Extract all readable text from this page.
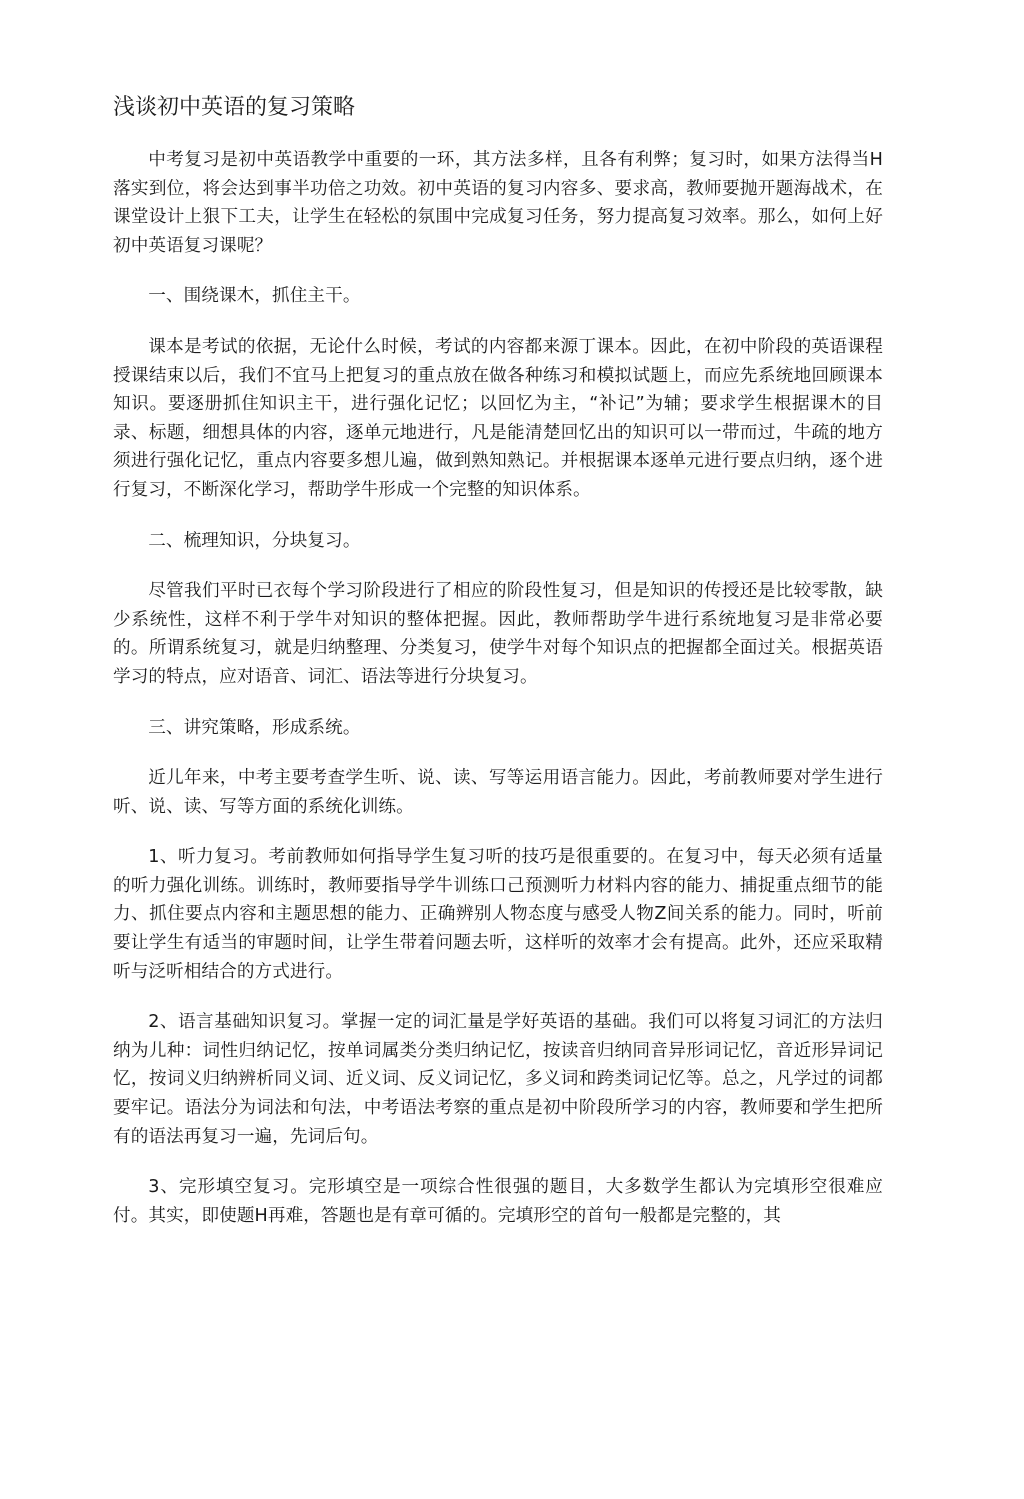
浅谈初中英语的复习策略

中考复习是初中英语教学中重要的一环，其方法多样，且各有利弊；复习时，如果方法得当H落实到位，将会达到事半功倍之功效。初中英语的复习内容多、要求高，教师要抛开题海战术，在课堂设计上狠下工夫，让学生在轻松的氛围中完成复习任务，努力提高复习效率。那么，如何上好初中英语复习课呢？

一、围绕课木，抓住主干。

课本是考试的依据，无论什么时候，考试的内容都来源丁课本。因此，在初中阶段的英语课程授课结束以后，我们不宜马上把复习的重点放在做各种练习和模拟试题上，而应先系统地回顾课本知识。要逐册抓住知识主干，进行强化记忆；以回忆为主，“补记”为辅；要求学生根据课木的目录、标题，细想具体的内容，逐单元地进行，凡是能清楚回忆出的知识可以一带而过，牛疏的地方须进行强化记忆，重点内容要多想儿遍，做到熟知熟记。并根据课本逐单元进行要点归纳，逐个进行复习，不断深化学习，帮助学牛形成一个完整的知识体系。

二、梳理知识，分块复习。

尽管我们平时已衣每个学习阶段进行了相应的阶段性复习，但是知识的传授还是比较零散，缺少系统性，这样不利于学牛对知识的整体把握。因此，教师帮助学牛进行系统地复习是非常必要的。所谓系统复习，就是归纳整理、分类复习，使学牛对每个知识点的把握都全面过关。根据英语学习的特点，应对语音、词汇、语法等进行分块复习。

三、讲究策略，形成系统。

近儿年来，中考主要考查学生听、说、读、写等运用语言能力。因此，考前教师要对学生进行听、说、读、写等方面的系统化训练。

1、听力复习。考前教师如何指导学生复习听的技巧是很重要的。在复习中，每天必须有适量的听力强化训练。训练时，教师要指导学牛训练口己预测听力材料内容的能力、捕捉重点细节的能力、抓住要点内容和主题思想的能力、正确辨别人物态度与感受人物Z间关系的能力。同时，听前要让学生有适当的审题时间，让学生带着问题去听，这样听的效率才会有提高。此外，还应采取精听与泛听相结合的方式进行。

2、语言基础知识复习。掌握一定的词汇量是学好英语的基础。我们可以将复习词汇的方法归纳为儿种：词性归纳记忆，按单词属类分类归纳记忆，按读音归纳同音异形词记忆，音近形异词记忆，按词义归纳辨析同义词、近义词、反义词记忆，多义词和跨类词记忆等。总之，凡学过的词都要牢记。语法分为词法和句法，中考语法考察的重点是初中阶段所学习的内容，教师要和学生把所有的语法再复习一遍，先词后句。

3、完形填空复习。完形填空是一项综合性很强的题目，大多数学生都认为完填形空很难应付。其实，即使题H再难，答题也是有章可循的。完填形空的首句一般都是完整的，其
